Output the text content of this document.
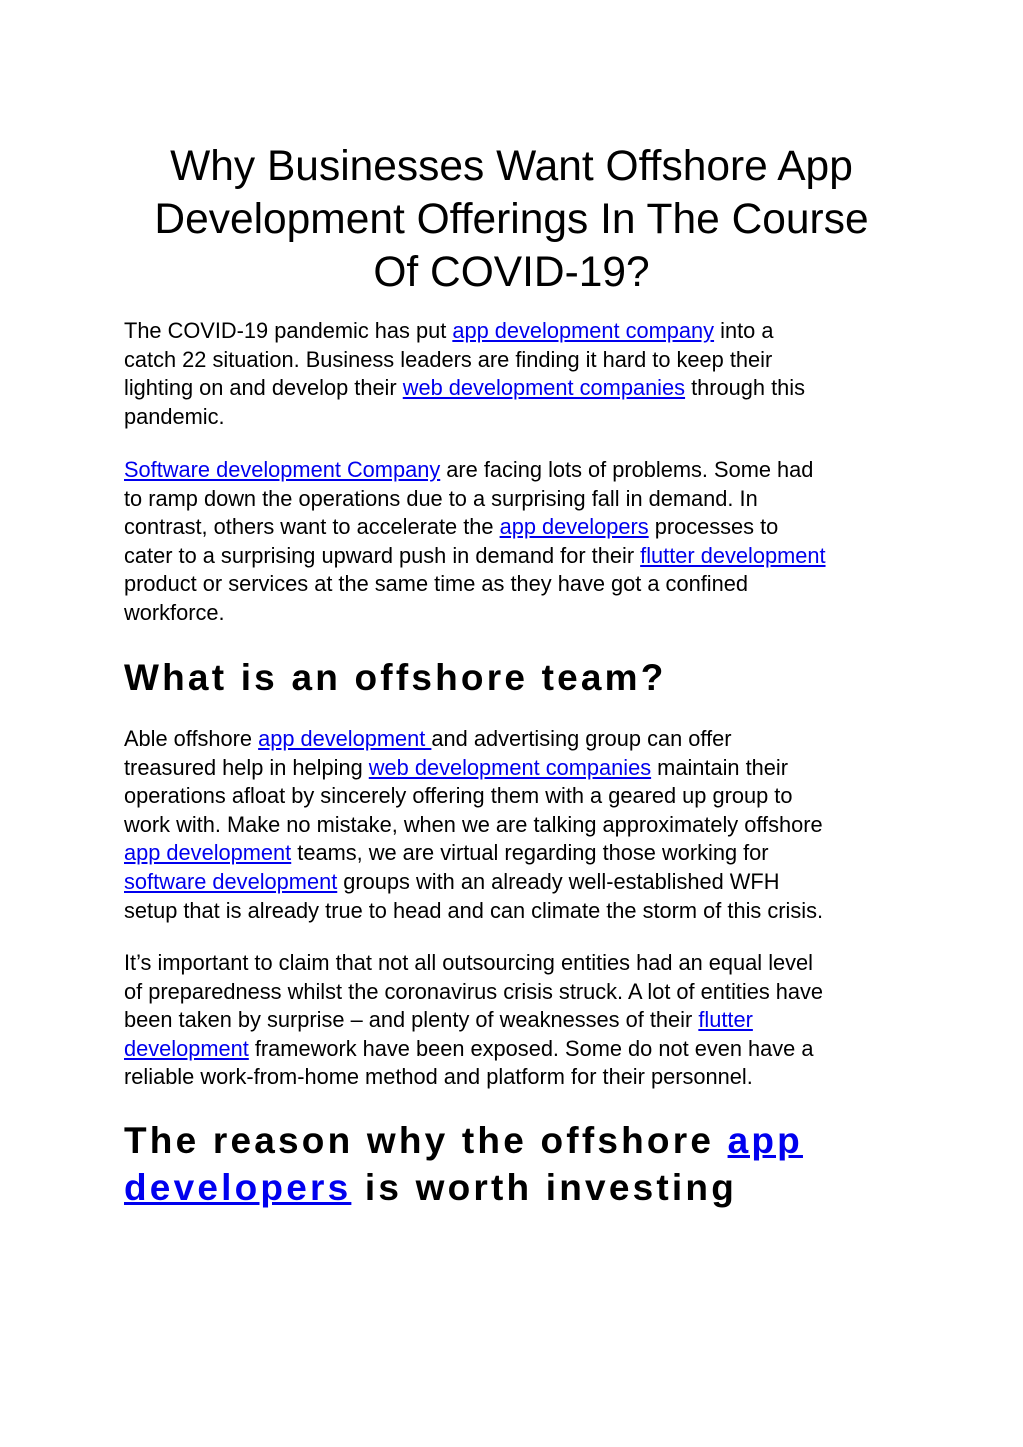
Why Businesses Want Offshore App
Development Offerings In The Course
Of COVID-19?

The COVID-19 pandemic has put app development company into a
catch 22 situation. Business leaders are finding it hard to keep their
lighting on and develop their web development companies through this
pandemic.

Software development Company are facing lots of problems. Some had
to ramp down the operations due to a surprising fall in demand. In
contrast, others want to accelerate the app developers processes to
cater to a surprising upward push in demand for their flutter development
product or services at the same time as they have got a confined
workforce.

What is an offshore team?

Able offshore app development and advertising group can offer
treasured help in helping web development companies maintain their
operations afloat by sincerely offering them with a geared up group to
work with. Make no mistake, when we are talking approximately offshore
app development teams, we are virtual regarding those working for
software development groups with an already well-established WFH
setup that is already true to head and can climate the storm of this crisis.

It’s important to claim that not all outsourcing entities had an equal level
of preparedness whilst the coronavirus crisis struck. A lot of entities have
been taken by surprise – and plenty of weaknesses of their flutter
development framework have been exposed. Some do not even have a
reliable work-from-home method and platform for their personnel.

The reason why the offshore app
developers is worth investing
